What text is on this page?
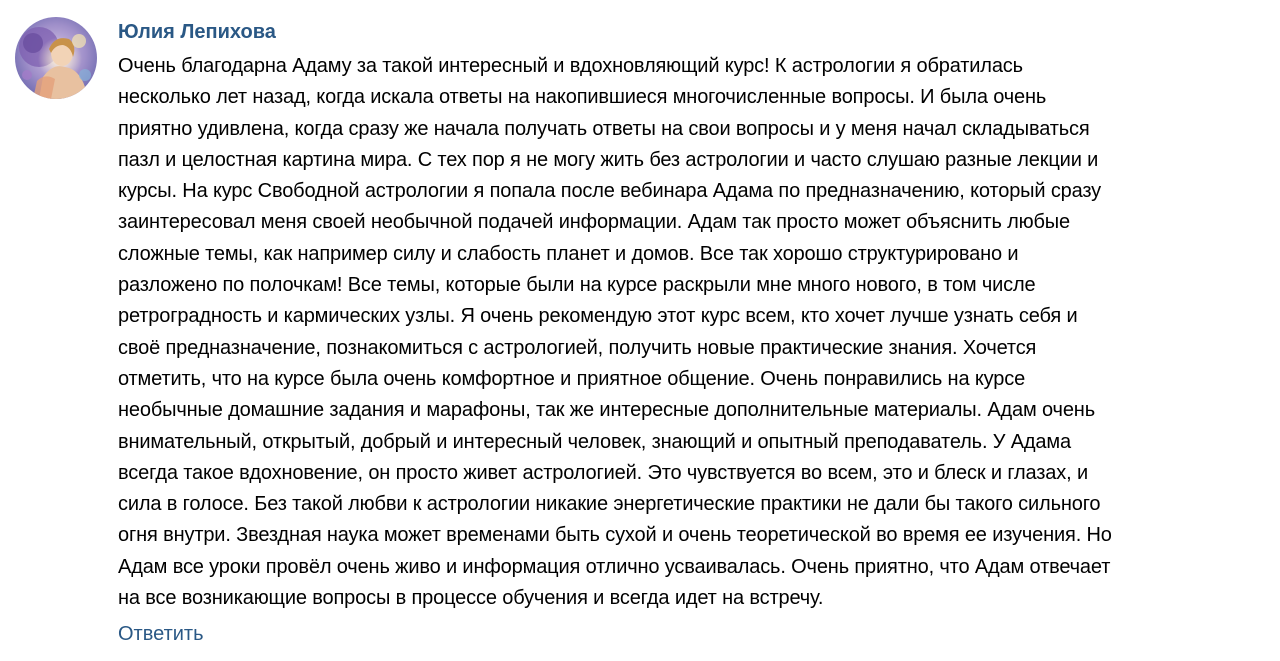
Юлия Лепихова
Очень благодарна Адаму за такой интересный и вдохновляющий курс! К астрологии я обратилась
несколько лет назад, когда искала ответы на накопившиеся многочисленные вопросы. И была очень
приятно удивлена, когда сразу же начала получать ответы на свои вопросы и у меня начал складываться
пазл и целостная картина мира. С тех пор я не могу жить без астрологии и часто слушаю разные лекции и
курсы. На курс Свободной астрологии я попала после вебинара Адама по предназначению, который сразу
заинтересовал меня своей необычной подачей информации. Адам так просто может объяснить любые
сложные темы, как например силу и слабость планет и домов. Все так хорошо структурировано и
разложено по полочкам! Все темы, которые были на курсе раскрыли мне много нового, в том числе
ретроградность и кармических узлы. Я очень рекомендую этот курс всем, кто хочет лучше узнать себя и
своё предназначение, познакомиться с астрологией, получить новые практические знания. Хочется
отметить, что на курсе была очень комфортное и приятное общение. Очень понравились на курсе
необычные домашние задания и марафоны, так же интересные дополнительные материалы. Адам очень
внимательный, открытый, добрый и интересный человек, знающий и опытный преподаватель. У Адама
всегда такое вдохновение, он просто живет астрологией. Это чувствуется во всем, это и блеск и глазах, и
сила в голосе. Без такой любви к астрологии никакие энергетические практики не дали бы такого сильного
огня внутри. Звездная наука может временами быть сухой и очень теоретической во время ее изучения. Но
Адам все уроки провёл очень живо и информация отлично усваивалась. Очень приятно, что Адам отвечает
на все возникающие вопросы в процессе обучения и всегда идет на встречу.
Ответить
